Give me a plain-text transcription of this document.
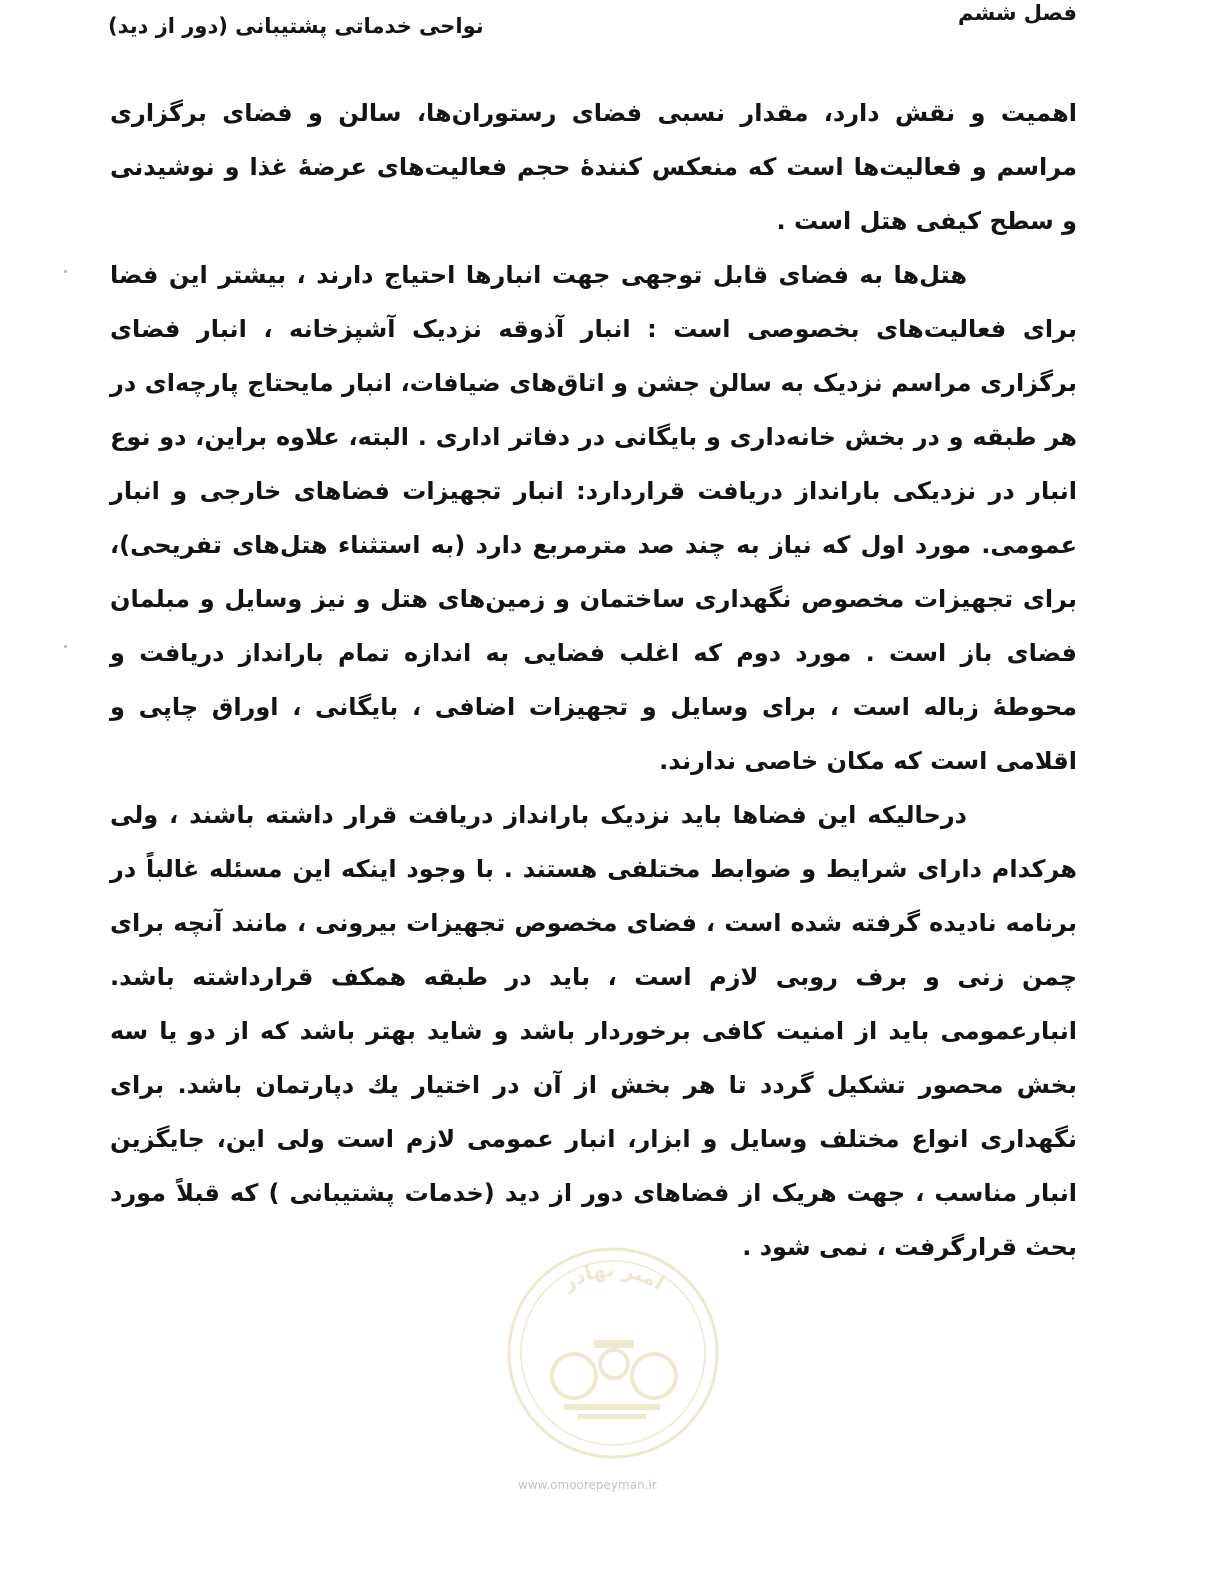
فصل ششم
نواحی خدماتی پشتیبانی (دور از دید)

اهمیت و نقش دارد، مقدار نسبی فضای رستوران‌ها، سالن و فضای برگزاری مراسم و فعالیت‌ها است که منعکس کنندهٔ حجم فعالیت‌های عرضهٔ غذا و نوشیدنی و سطح کیفی هتل است .

هتل‌ها به فضای قابل توجهی جهت انبارها احتیاج دارند ، بیشتر این فضا برای فعالیت‌های بخصوصی است : انبار آذوقه نزدیک آشپزخانه ، انبار فضای برگزاری مراسم نزدیک به سالن جشن و اتاق‌های ضیافات، انبار مایحتاج پارچه‌ای در هر طبقه و در بخش خانه‌داری و بایگانی در دفاتر اداری . البته، علاوه براین، دو نوع انبار در نزدیکی بارانداز دریافت قراردارد: انبار تجهیزات فضاهای خارجی و انبار عمومی. مورد اول که نیاز به چند صد مترمربع دارد (به استثناء هتل‌های تفریحی)، برای تجهیزات مخصوص نگهداری ساختمان و زمین‌های هتل و نیز وسایل و مبلمان فضای باز است . مورد دوم که اغلب فضایی به اندازه تمام بارانداز دریافت و محوطهٔ زباله است ، برای وسایل و تجهیزات اضافی ، بایگانی ، اوراق چاپی و اقلامی است که مکان خاصی ندارند.

درحالیکه این فضاها باید نزدیک بارانداز دریافت قرار داشته باشند ، ولی هرکدام دارای شرایط و ضوابط مختلفی هستند . با وجود اینکه این مسئله غالباً در برنامه نادیده گرفته شده است ، فضای مخصوص تجهیزات بیرونی ، مانند آنچه برای چمن زنی و برف روبی لازم است ، باید در طبقه همکف قرارداشته باشد. انبارعمومی باید از امنیت کافی برخوردار باشد و شاید بهتر باشد که از دو یا سه بخش محصور تشکیل گردد تا هر بخش از آن در اختیار یك دپارتمان باشد. برای نگهداری انواع مختلف وسایل و ابزار، انبار عمومی لازم است ولی این، جایگزین انبار مناسب ، جهت هریک از فضاهای دور از دید (خدمات پشتیبانی ) که قبلاً مورد بحث قرارگرفت ، نمی شود .

امیر بهادر
www.omoorepeyman.ir
